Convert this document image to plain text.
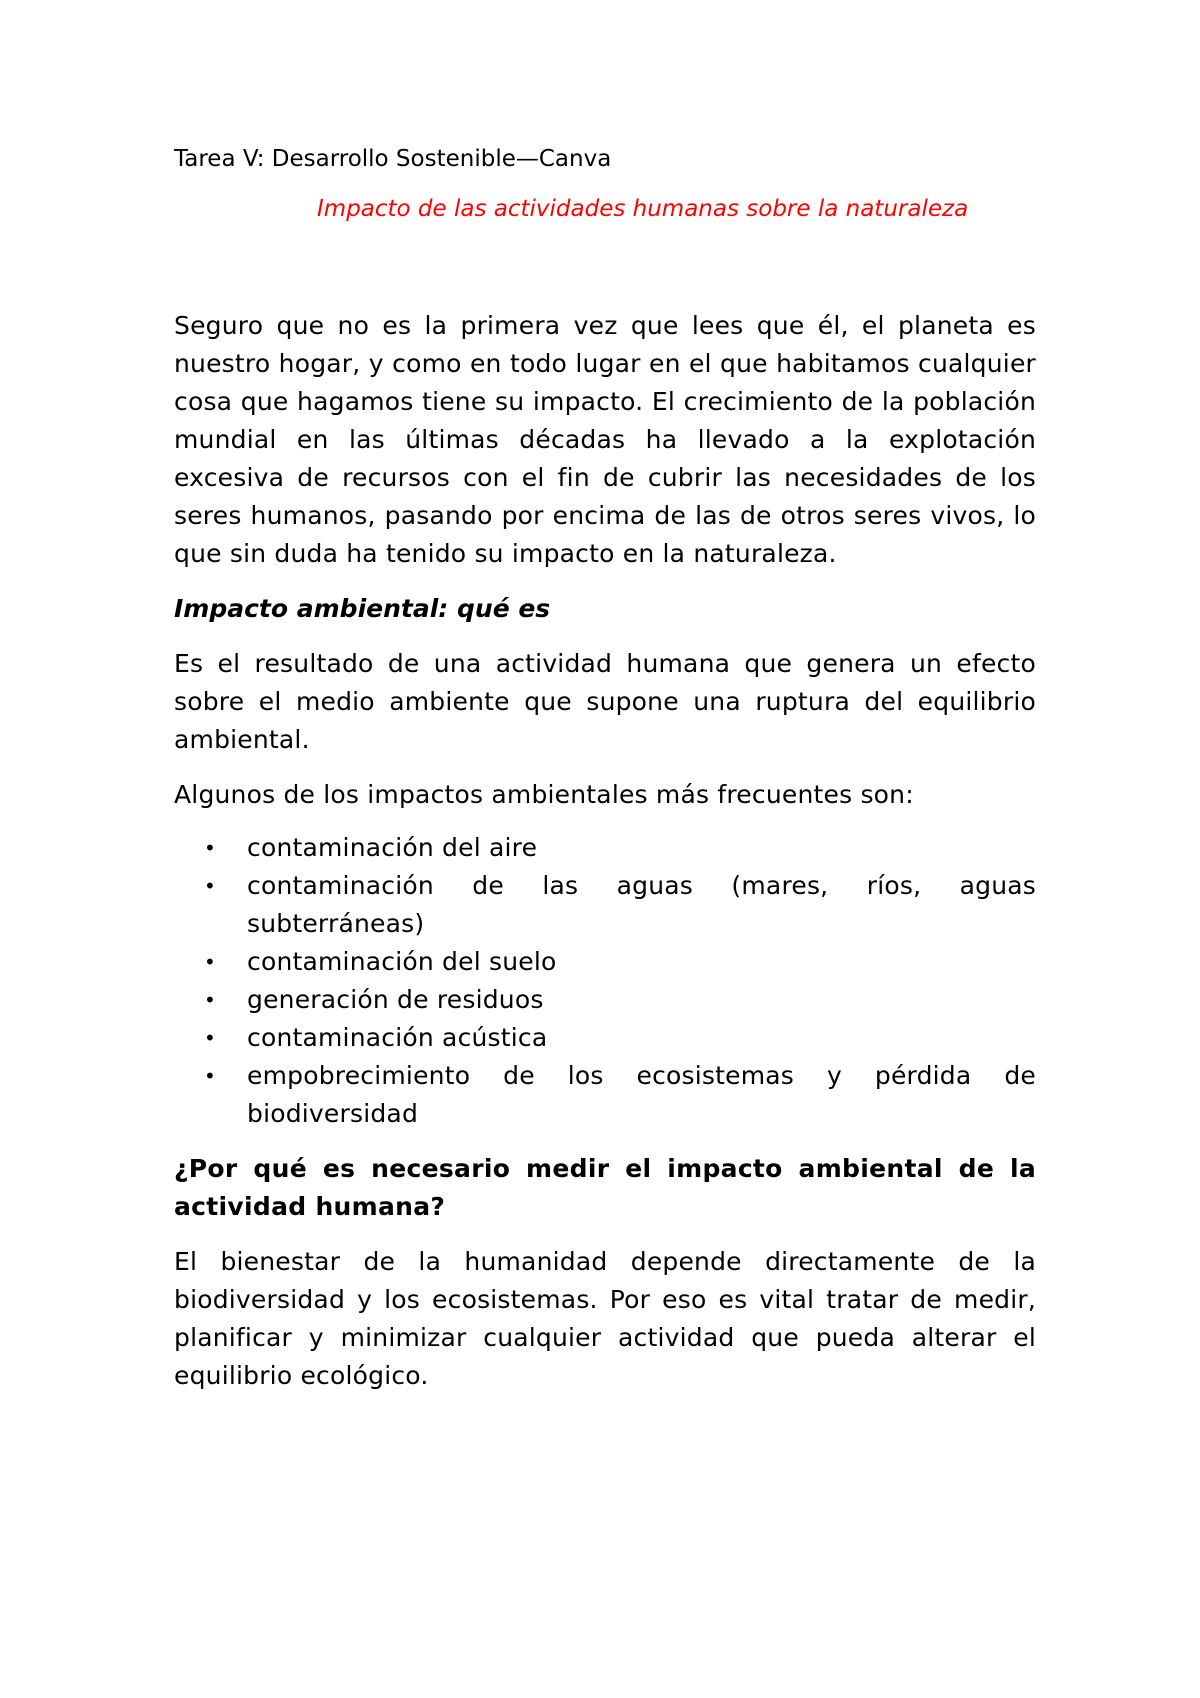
Tarea V: Desarrollo Sostenible—Canva
Impacto de las actividades humanas sobre la naturaleza

Seguro que no es la primera vez que lees que él, el planeta es nuestro hogar, y como en todo lugar en el que habitamos cualquier cosa que hagamos tiene su impacto. El crecimiento de la población mundial en las últimas décadas ha llevado a la explotación excesiva de recursos con el fin de cubrir las necesidades de los seres humanos, pasando por encima de las de otros seres vivos, lo que sin duda ha tenido su impacto en la naturaleza.

Impacto ambiental: qué es

Es el resultado de una actividad humana que genera un efecto sobre el medio ambiente que supone una ruptura del equilibrio ambiental.

Algunos de los impactos ambientales más frecuentes son:

• contaminación del aire
• contaminación de las aguas (mares, ríos, aguas subterráneas)
• contaminación del suelo
• generación de residuos
• contaminación acústica
• empobrecimiento de los ecosistemas y pérdida de biodiversidad
¿Por qué es necesario medir el impacto ambiental de la actividad humana?

El bienestar de la humanidad depende directamente de la biodiversidad y los ecosistemas. Por eso es vital tratar de medir, planificar y minimizar cualquier actividad que pueda alterar el equilibrio ecológico.
